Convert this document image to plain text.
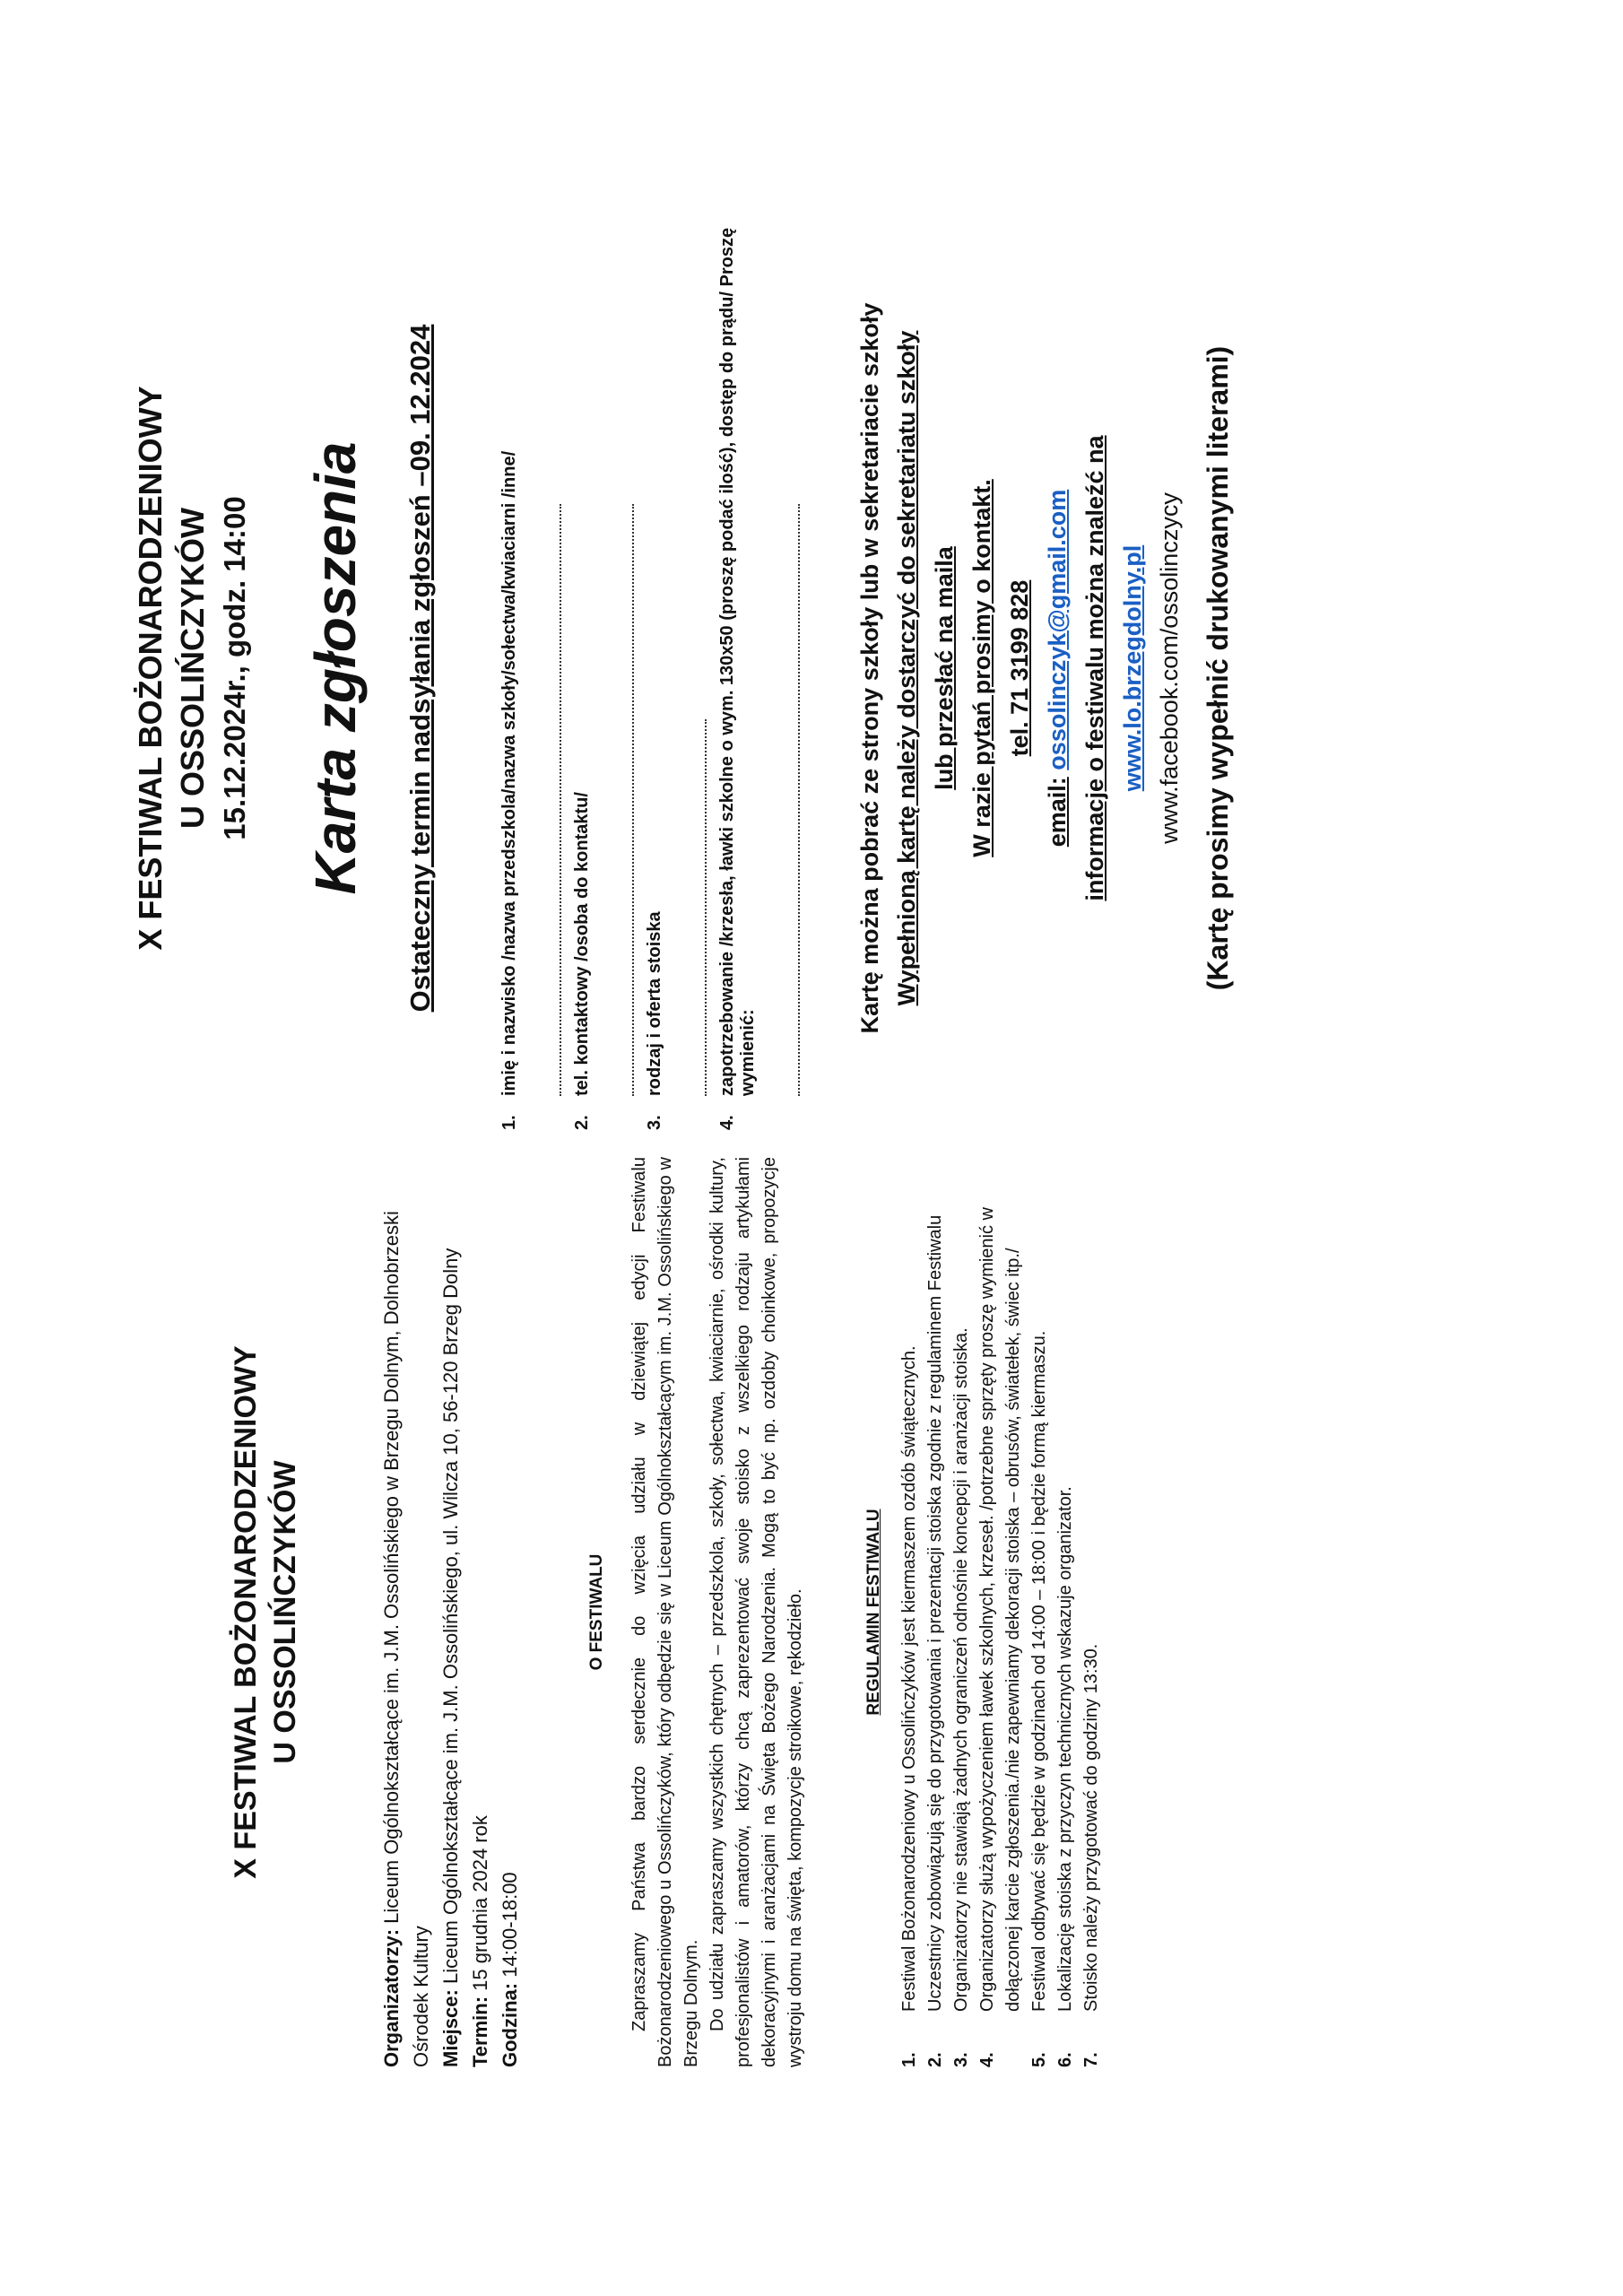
X FESTIWAL BOŻONARODZENIOWY U OSSOLIŃCZYKÓW
Organizatorzy: Liceum Ogólnokształcące im. J.M. Ossolińskiego w Brzegu Dolnym, Dolnobrzeski Ośrodek Kultury Miejsce: Liceum Ogólnokształcące im. J.M. Ossolińskiego, ul. Wilcza 10, 56-120 Brzeg Dolny
Termin: 15 grudnia 2024 rok
Godzina: 14:00-18:00
O FESTIWALU Zapraszamy Państwa bardzo serdecznie do wzięcia udziału w dziewiątej edycji Festiwalu Bożonarodzeniowego u Ossolińczyków, który odbędzie się w Liceum Ogólnokształcącym im. J.M. Ossolińskiego w Brzegu Dolnym. Do udziału zapraszamy wszystkich chętnych – przedszkola, szkoły, sołectwa, kwiaciarnie, ośrodki kultury, profesjonalistów i amatorów, którzy chcą zaprezentować swoje stoisko z wszelkiego rodzaju artykułami dekoracyjnymi i aranżacjami na Święta Bożego Narodzenia. Mogą to być np. ozdoby choinkowe, propozycje wystroju domu na święta, kompozycje stroikowe, rękodzieło.	REGULAMIN FESTIWALU
1.
Festiwal Bożonarodzeniowy u Ossolińczyków jest kiermaszem ozdób świątecznych.
2.
Uczestnicy zobowiązują się do przygotowania i prezentacji stoiska zgodnie z regulaminem Festiwalu
3.
Organizatorzy nie stawiają żadnych ograniczeń odnośnie koncepcji i aranżacji stoiska.
4.
Organizatorzy służą wypożyczeniem ławek szkolnych, krzeseł. /potrzebne sprzęty proszę wymienić w dołączonej karcie zgłoszenia./nie zapewniamy dekoracji stoiska – obrusów, światełek, świec itp./
5.
Festiwal odbywać się będzie w godzinach od 14:00 – 18:00 i będzie formą kiermaszu.
6.
Lokalizację stoiska z przyczyn technicznych wskazuje organizator.
7.
Stoisko należy przygotować do godziny 13:30.
X FESTIWAL BOŻONARODZENIOWY U OSSOLIŃCZYKÓW 15.12.2024r., godz. 14:00 Karta zgłoszenia Ostateczny termin nadsyłania zgłoszeń –09. 12.2024
1.
imię i nazwisko /nazwa przedszkola/nazwa szkoły/sołectwa/kwiaciarni /inne/
2.
tel. kontaktowy /osoba do kontaktu/
3.
rodzaj i oferta stoiska
4.
zapotrzebowanie /krzesła, ławki szkolne o wym. 130x50 (proszę podać ilość), dostęp do prądu/ Proszę wymienić:
Kartę można pobrać ze strony szkoły lub w sekretariacie szkoły Wypełnioną kartę należy dostarczyć do sekretariatu szkoły lub przesłać na maila W razie pytań prosimy o kontakt. tel. 71 3199 828
email: ossolinczyk@gmail.com informacje o festiwalu można znaleźć na www.lo.brzegdolny.pl www.facebook.com/ossolinczycy (Kartę prosimy wypełnić drukowanymi literami)
